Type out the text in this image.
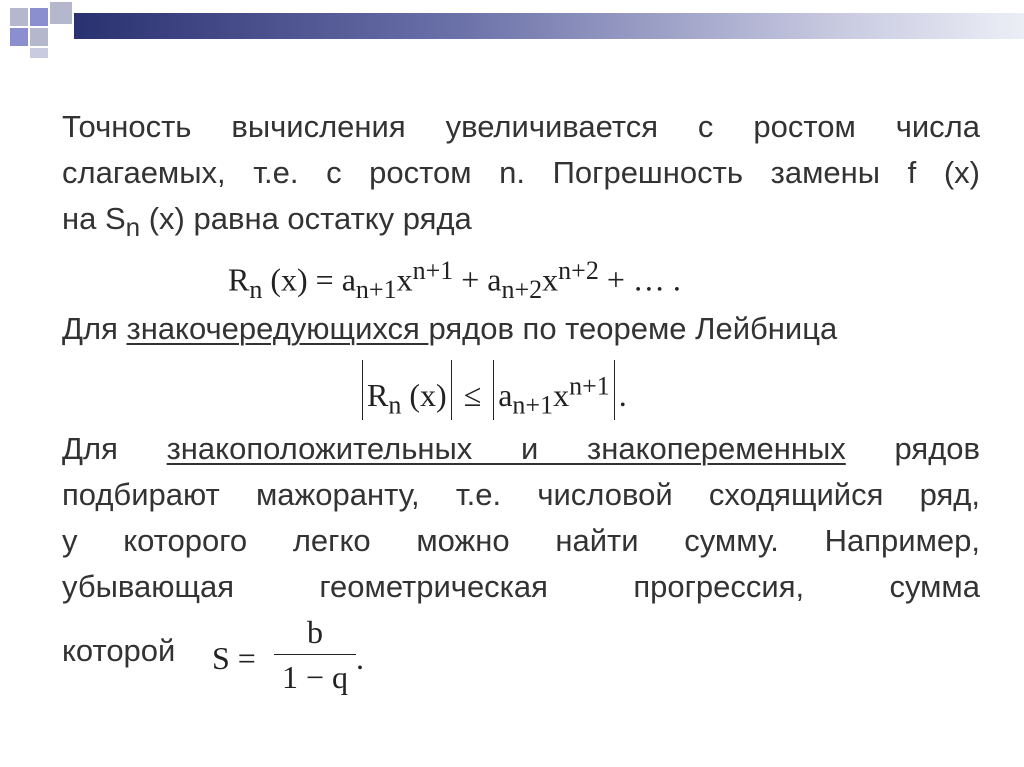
Точность вычисления увеличивается с ростом числа
слагаемых, т.е. с ростом n. Погрешность замены f (x)
на $S_n$ (x) равна остатку ряда
$R_n$ $(x) = a_{n+1}x^{n+1} + a_{n+2}x^{n+2}$ + … .
Для знакочередующихся рядов по теореме Лейбница
$R_n$ $(x) \le a_{n+1}x^{n+1}$ .
Для знакоположительных и знакопеременных рядов
подбирают мажоранту, т.е. числовой сходящийся ряд,
у которого легко можно найти сумму. Например,
убывающая геометрическая прогрессия, сумма
которой	S =
b
1 − q
.
